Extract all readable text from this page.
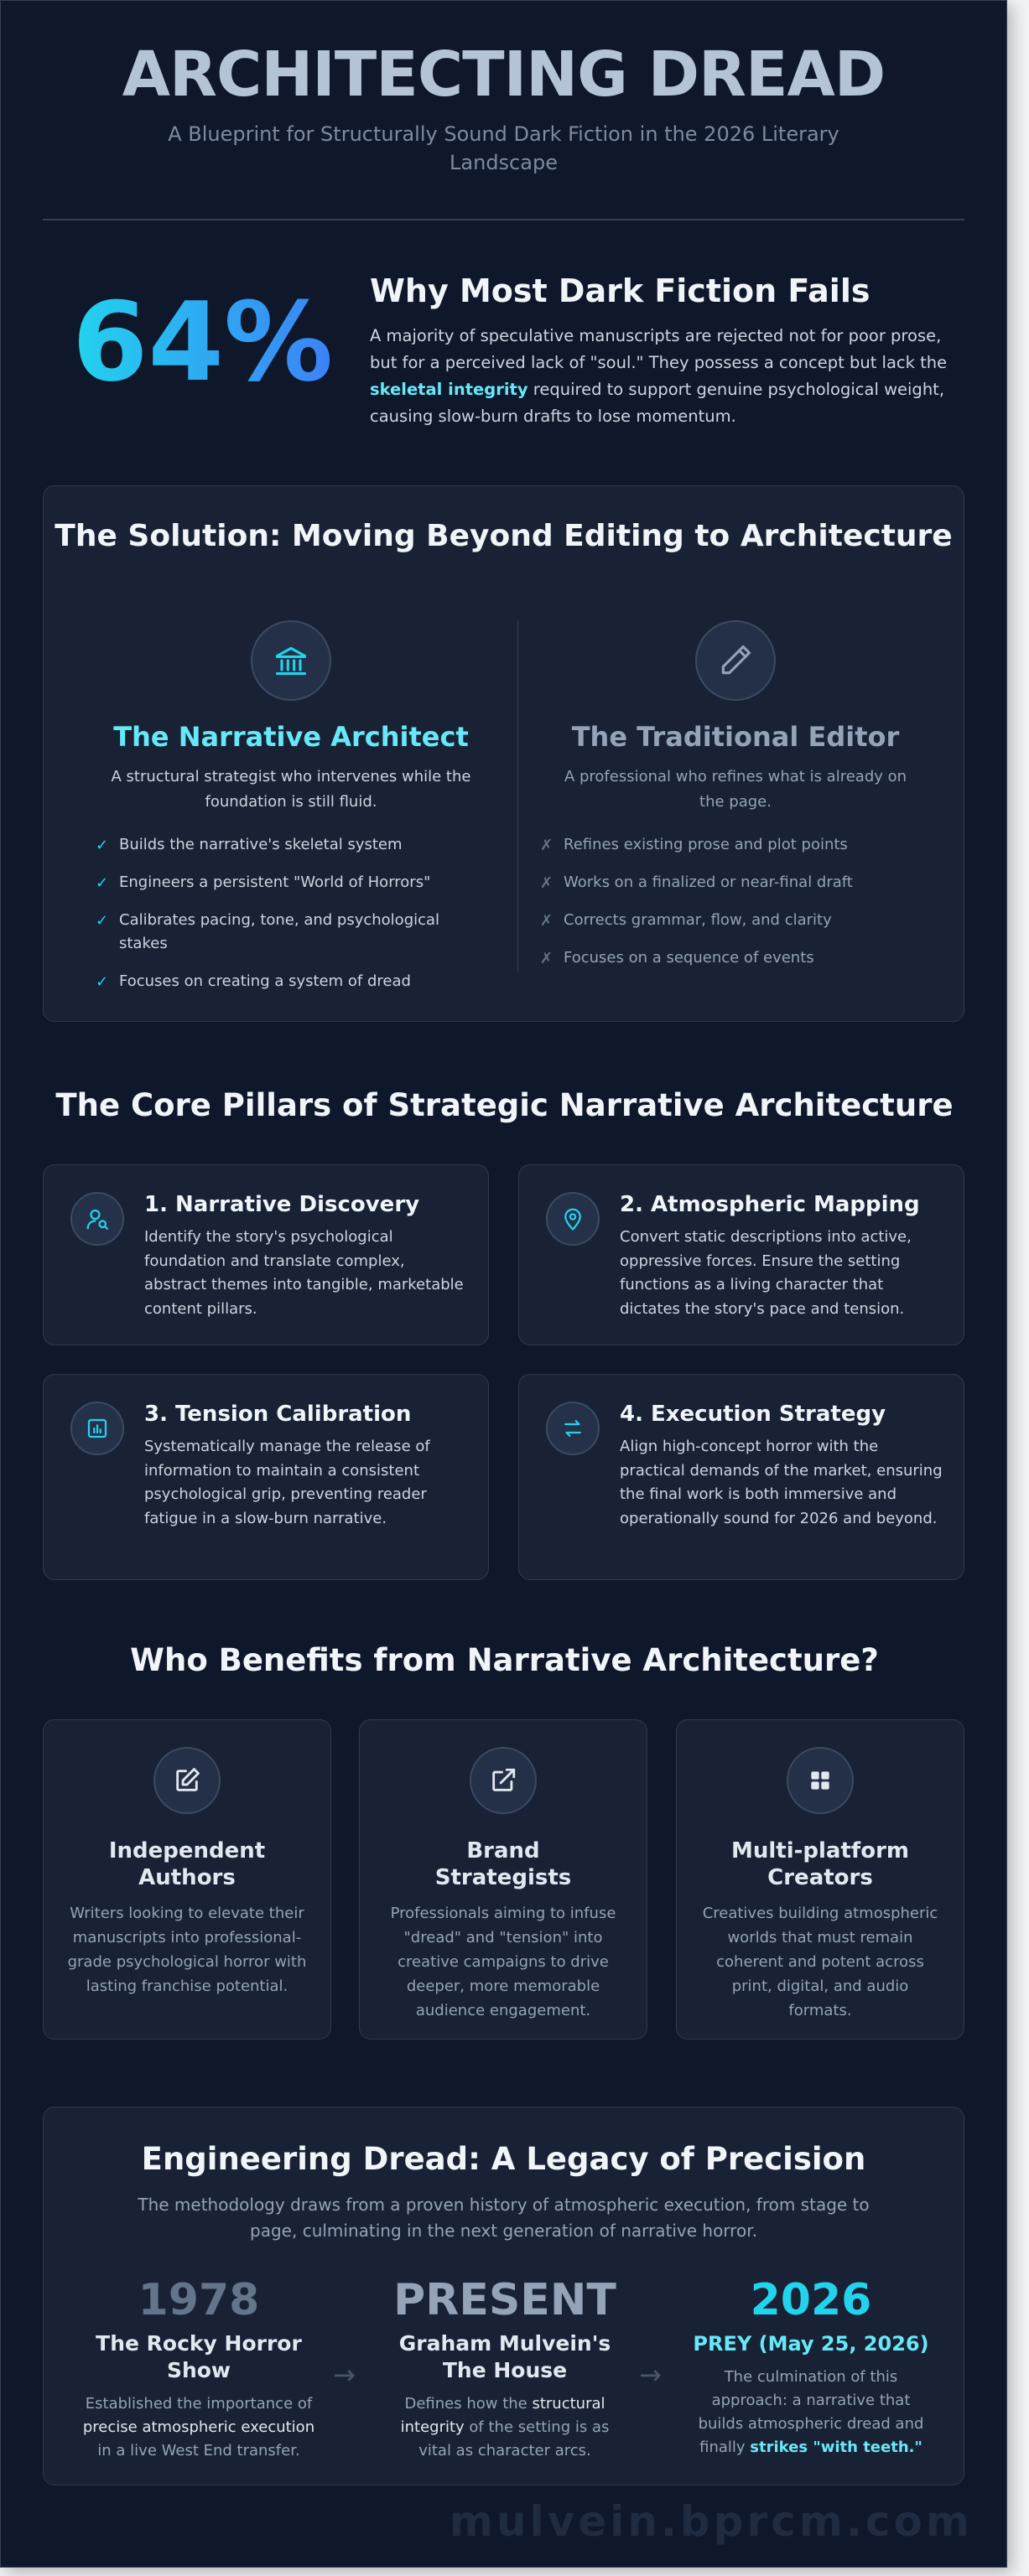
ARCHITECTING DREAD
A Blueprint for Structurally Sound Dark Fiction in the 2026 Literary Landscape
64% Why Most Dark Fiction Fails
A majority of speculative manuscripts are rejected not for poor prose, but for a perceived lack of "soul." They possess a concept but lack the skeletal integrity required to support genuine psychological weight, causing slow-burn drafts to lose momentum.
The Solution: Moving Beyond Editing to Architecture
The Narrative Architect
A structural strategist who intervenes while the foundation is still fluid.
✓ Builds the narrative's skeletal system
✓ Engineers a persistent "World of Horrors"
✓ Calibrates pacing, tone, and psychological stakes
✓ Focuses on creating a system of dread
The Traditional Editor
A professional who refines what is already on the page.
✗ Refines existing prose and plot points
✗ Works on a finalized or near-final draft
✗ Corrects grammar, flow, and clarity
✗ Focuses on a sequence of events
The Core Pillars of Strategic Narrative Architecture
1. Narrative Discovery

Identify the story's psychological foundation and translate complex, abstract themes into tangible, marketable content pillars.

2. Atmospheric Mapping

Convert static descriptions into active, oppressive forces. Ensure the setting functions as a living character that dictates the story's pace and tension.

3. Tension Calibration

Systematically manage the release of information to maintain a consistent psychological grip, preventing reader fatigue in a slow-burn narrative.

4. Execution Strategy

Align high-concept horror with the practical demands of the market, ensuring the final work is both immersive and operationally sound for 2026 and beyond.

Who Benefits from Narrative Architecture?
Independent Authors

Writers looking to elevate their manuscripts into professional-grade psychological horror with lasting franchise potential.

Brand Strategists

Professionals aiming to infuse "dread" and "tension" into creative campaigns to drive deeper, more memorable audience engagement.

Multi-platform Creators

Creatives building atmospheric worlds that must remain coherent and potent across print, digital, and audio formats.

Engineering Dread: A Legacy of Precision
The methodology draws from a proven history of atmospheric execution, from stage to page, culminating in the next generation of narrative horror.
1978
The Rocky Horror Show
Established the importance of precise atmospheric execution in a live West End transfer.
→
PRESENT
Graham Mulvein's The House
Defines how the structural integrity of the setting is as vital as character arcs.
→
2026
PREY (May 25, 2026)
The culmination of this approach: a narrative that builds atmospheric dread and finally strikes "with teeth."
mulvein.bprcm.com
